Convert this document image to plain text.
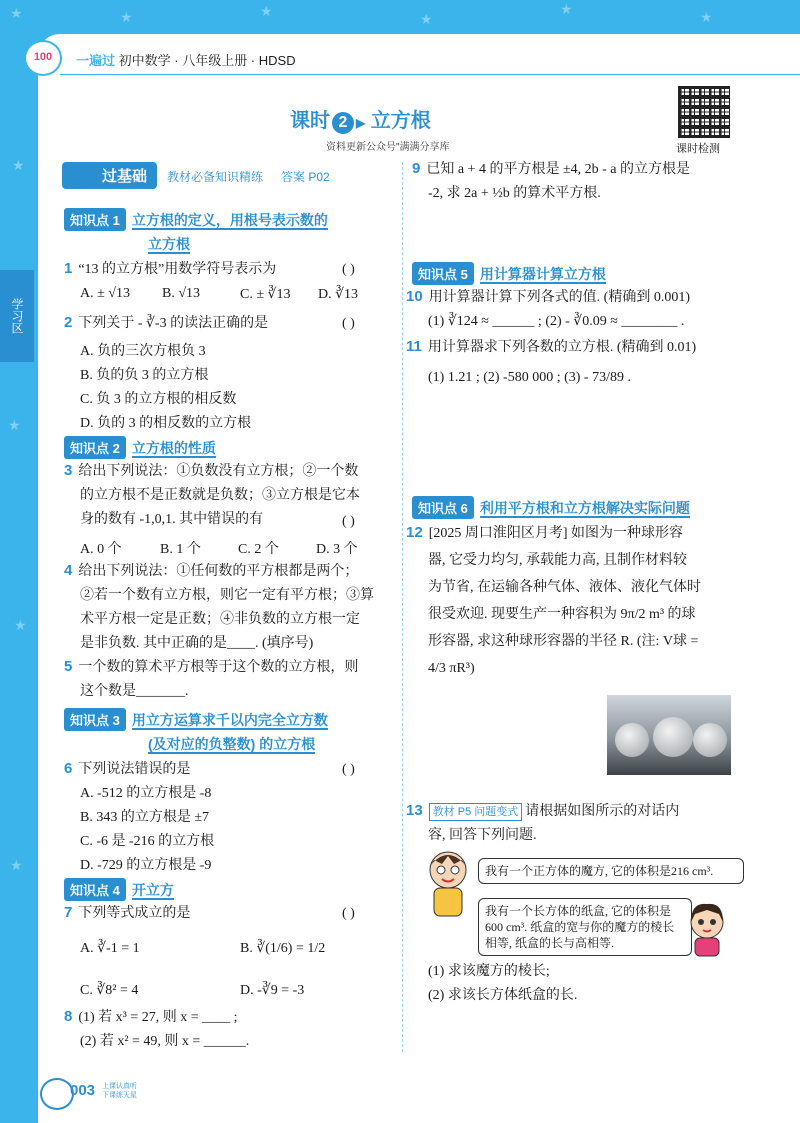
★	★	★
★
★
★
★
★
★
★
100	一遍过 初中数学 · 八年级上册 · HDSD
课时 2 ▶ 立方根
资料更新公众号"满满分享库	课时检测
学习区
过基础 教材必备知识精练 答案 P02
知识点 1 立方根的定义，用根号表示数的
立方根
1 “13 的立方根”用数学符号表示为	( )
A. ± √13 B. √13	C. ± ∛13 D. ∛13
2 下列关于 - ∛-3 的读法正确的是	( )
A. 负的三次方根负 3
B. 负的负 3 的立方根
C. 负 3 的立方根的相反数
D. 负的 3 的相反数的立方根
知识点 2 立方根的性质
3 给出下列说法：①负数没有立方根；②一个数
的立方根不是正数就是负数；③立方根是它本
身的数有 -1,0,1. 其中错误的有	( )
A. 0 个	B. 1 个	C. 2 个	D. 3 个
4 给出下列说法：①任何数的平方根都是两个；
②若一个数有立方根，则它一定有平方根；③算
术平方根一定是正数；④非负数的立方根一定
是非负数. 其中正确的是____. (填序号)
5 一个数的算术平方根等于这个数的立方根，则
这个数是_______.
知识点 3 用立方运算求千以内完全立方数
(及对应的负整数) 的立方根
6 下列说法错误的是	( )
A. -512 的立方根是 -8
B. 343 的立方根是 ±7
C. -6 是 -216 的立方根
D. -729 的立方根是 -9
知识点 4 开立方
7 下列等式成立的是	( )
A. ∛-1 = 1	B. ∛(1/6) = 1/2
C. ∛8² = 4	D. -∛9 = -3
8 (1) 若 x³ = 27, 则 x = ____ ;
(2) 若 x² = 49, 则 x = ______.
9 已知 a + 4 的平方根是 ±4, 2b - a 的立方根是
-2, 求 2a + ½b 的算术平方根.
知识点 5 用计算器计算立方根
10 用计算器计算下列各式的值. (精确到 0.001)
(1) ∛124 ≈ ______ ; (2) - ∛0.09 ≈ ________ .
11 用计算器求下列各数的立方根. (精确到 0.01)
(1) 1.21 ; (2) -580 000 ; (3) - 73/89 .
知识点 6 利用平方根和立方根解决实际问题
12 [2025 周口淮阳区月考] 如图为一种球形容
器, 它受力均匀, 承载能力高, 且制作材料较
为节省, 在运输各种气体、液体、液化气体时
很受欢迎. 现要生产一种容积为 9π/2 m³ 的球
形容器, 求这种球形容器的半径 R. (注: V球 =
4/3 πR³)
13 教材 P5 问题变式 请根据如图所示的对话内
容, 回答下列问题.
我有一个正方体的魔方, 它的体积是216 cm³.
我有一个长方体的纸盒, 它的体积是600 cm³. 纸盒的宽与你的魔方的棱长相等, 纸盒的长与高相等.
(1) 求该魔方的棱长;
(2) 求该长方体纸盒的长.
003 上课认真听 下课练天星
